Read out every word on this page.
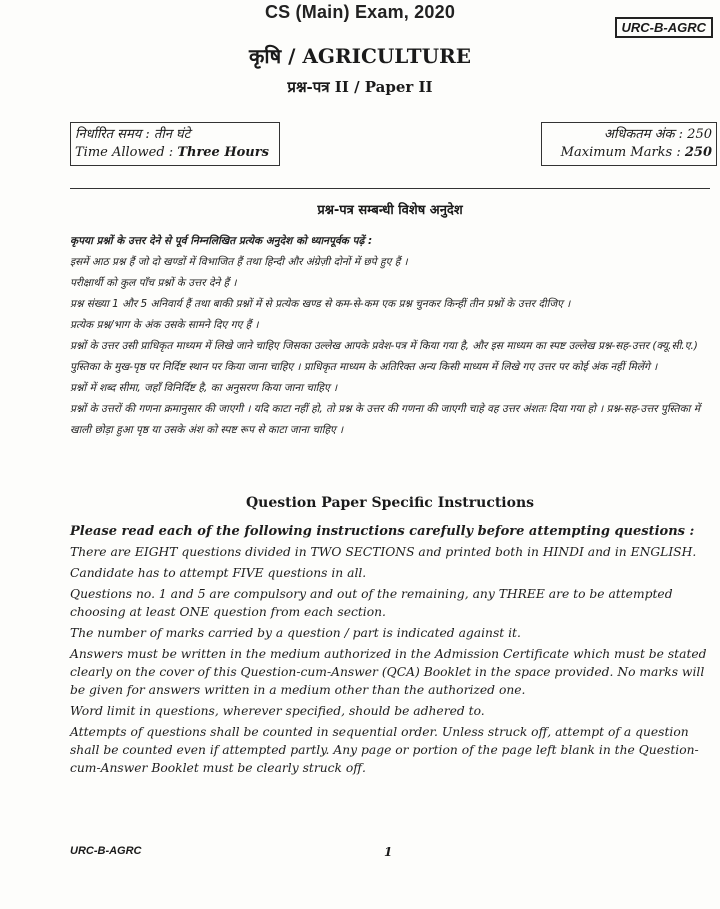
CS (Main) Exam, 2020
URC-B-AGRC
कृषि / AGRICULTURE
प्रश्न-पत्र II / Paper II
निर्धारित समय : तीन घंटे
Time Allowed : Three Hours
अधिकतम अंक : 250
Maximum Marks : 250
प्रश्न-पत्र सम्बन्धी विशेष अनुदेश

कृपया प्रश्नों के उत्तर देने से पूर्व निम्नलिखित प्रत्येक अनुदेश को ध्यानपूर्वक पढ़ें :

इसमें आठ प्रश्न हैं जो दो खण्डों में विभाजित हैं तथा हिन्दी और अंग्रेज़ी दोनों में छपे हुए हैं ।

परीक्षार्थी को कुल पाँच प्रश्नों के उत्तर देने हैं ।

प्रश्न संख्या 1 और 5 अनिवार्य हैं तथा बाकी प्रश्नों में से प्रत्येक खण्ड से कम-से-कम एक प्रश्न चुनकर किन्हीं तीन प्रश्नों के उत्तर दीजिए ।

प्रत्येक प्रश्न/भाग के अंक उसके सामने दिए गए हैं ।

प्रश्नों के उत्तर उसी प्राधिकृत माध्यम में लिखे जाने चाहिए जिसका उल्लेख आपके प्रवेश-पत्र में किया गया है, और इस माध्यम का स्पष्ट उल्लेख प्रश्न-सह-उत्तर (क्यू.सी.ए.) पुस्तिका के मुख-पृष्ठ पर निर्दिष्ट स्थान पर किया जाना चाहिए । प्राधिकृत माध्यम के अतिरिक्त अन्य किसी माध्यम में लिखे गए उत्तर पर कोई अंक नहीं मिलेंगे ।

प्रश्नों में शब्द सीमा, जहाँ विनिर्दिष्ट है, का अनुसरण किया जाना चाहिए ।

प्रश्नों के उत्तरों की गणना क्रमानुसार की जाएगी । यदि काटा नहीं हो, तो प्रश्न के उत्तर की गणना की जाएगी चाहे वह उत्तर अंशतः दिया गया हो । प्रश्न-सह-उत्तर पुस्तिका में खाली छोड़ा हुआ पृष्ठ या उसके अंश को स्पष्ट रूप से काटा जाना चाहिए ।

Question Paper Specific Instructions

Please read each of the following instructions carefully before attempting questions :

There are EIGHT questions divided in TWO SECTIONS and printed both in HINDI and in ENGLISH.

Candidate has to attempt FIVE questions in all.

Questions no. 1 and 5 are compulsory and out of the remaining, any THREE are to be attempted choosing at least ONE question from each section.

The number of marks carried by a question / part is indicated against it.

Answers must be written in the medium authorized in the Admission Certificate which must be stated clearly on the cover of this Question-cum-Answer (QCA) Booklet in the space provided. No marks will be given for answers written in a medium other than the authorized one.

Word limit in questions, wherever specified, should be adhered to.

Attempts of questions shall be counted in sequential order. Unless struck off, attempt of a question shall be counted even if attempted partly. Any page or portion of the page left blank in the Question-cum-Answer Booklet must be clearly struck off.

URC-B-AGRC	1
